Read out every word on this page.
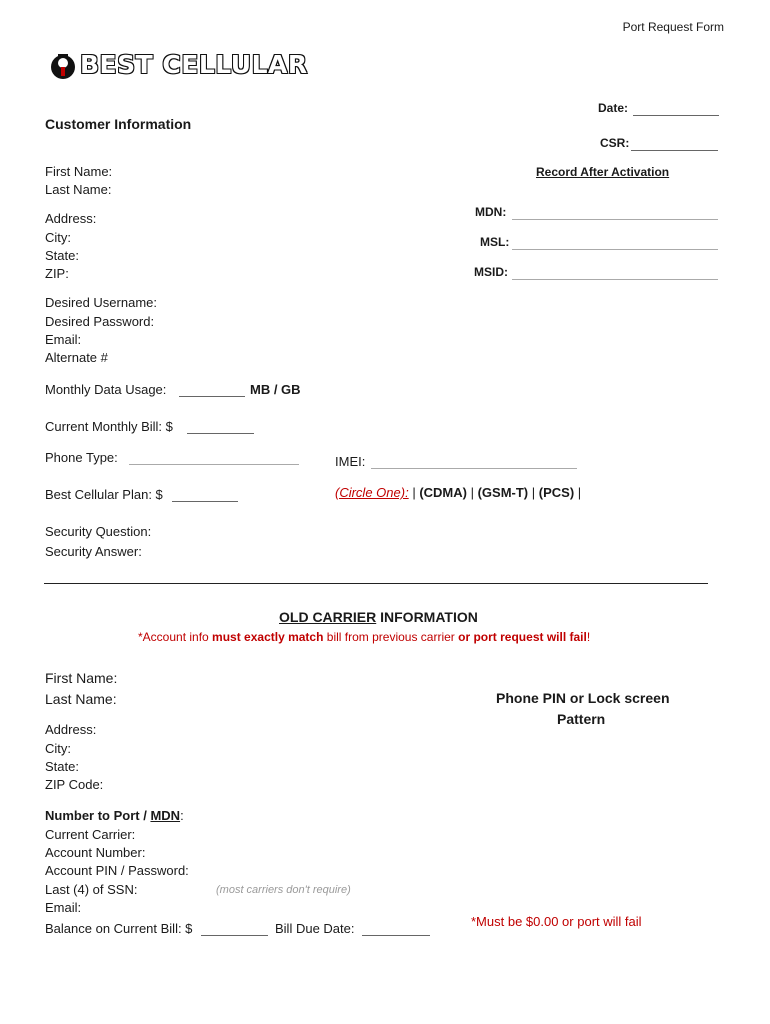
Port Request Form
BEST CELLULAR
Date:
CSR:
Customer Information
First Name:
Last Name:
Address:
City:
State:
ZIP:
Desired Username:
Desired Password:
Email:
Alternate #
Monthly Data Usage:	MB / GB
Current Monthly Bill: $
Phone Type:	IMEI:
Best Cellular Plan: $	(Circle One): | (CDMA) | (GSM-T) | (PCS) |
Security Question:
Security Answer:
Record After Activation
MDN:
MSL:
MSID:
OLD CARRIER INFORMATION
*Account info must exactly match bill from previous carrier or port request will fail!
First Name:
Last Name:
Address:
City:
State:
ZIP Code:
Number to Port / MDN:
Current Carrier:
Account Number:
Account PIN / Password:
Last (4) of SSN:	(most carriers don't require)
Email:
Balance on Current Bill: $	Bill Due Date:
Phone PIN or Lock screen
Pattern
*Must be $0.00 or port will fail
